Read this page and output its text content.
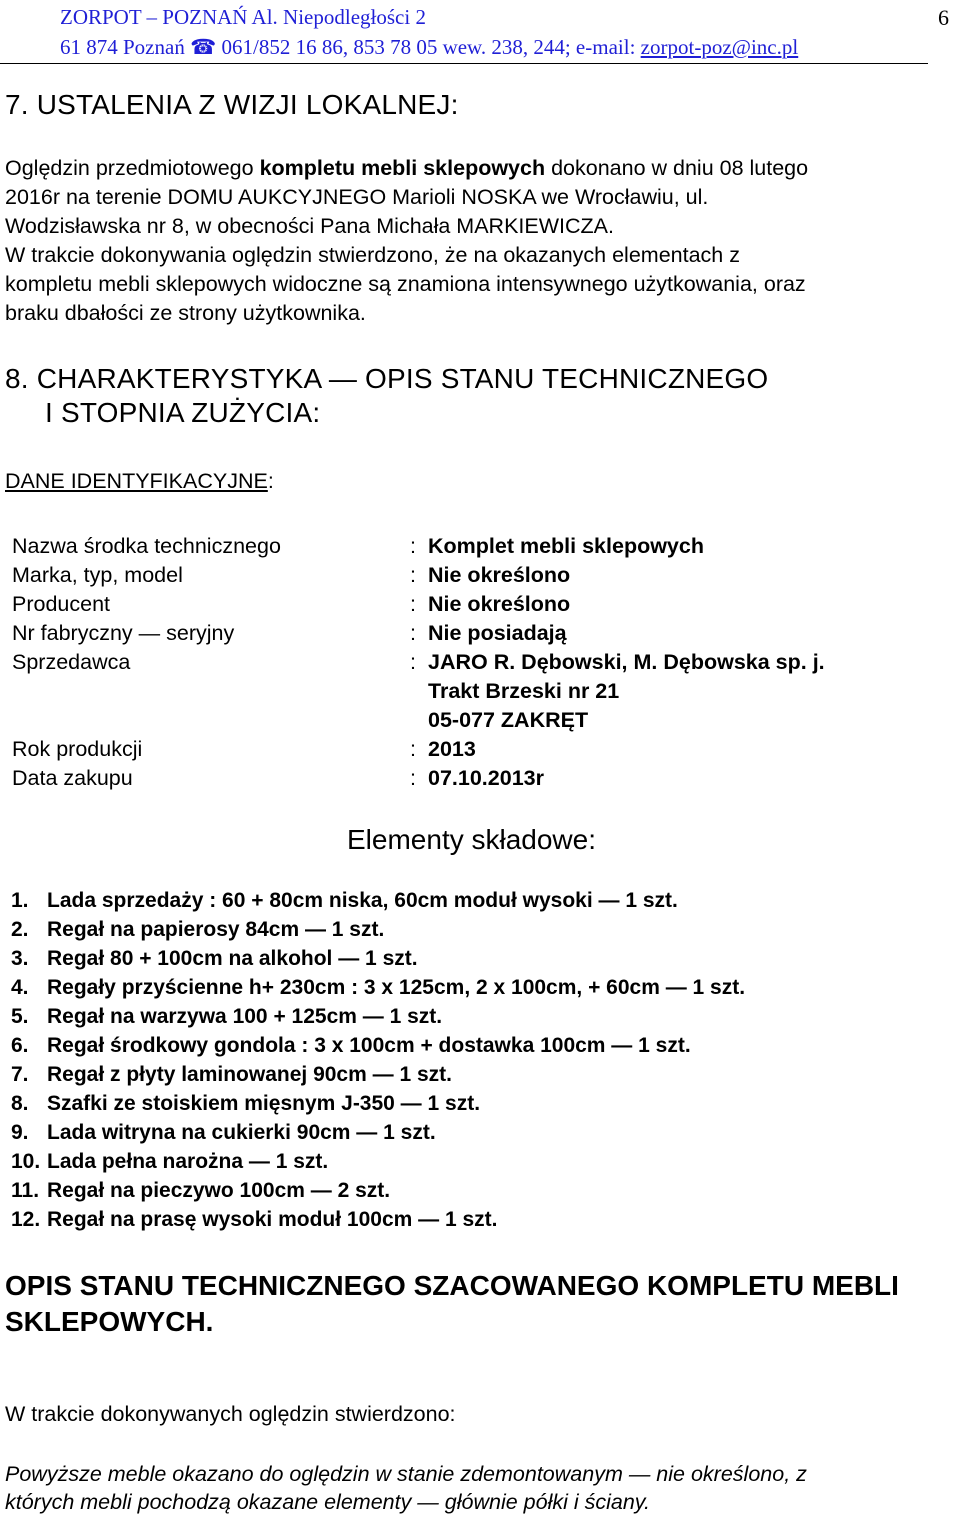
ZORPOT – POZNAŃ Al. Niepodległości 2	6
61 874 Poznań ☎ 061/852 16 86, 853 78 05 wew. 238, 244; e-mail: zorpot-poz@inc.pl
7. USTALENIA Z WIZJI LOKALNEJ:
Oględzin przedmiotowego kompletu mebli sklepowych dokonano w dniu 08 lutego
2016r na terenie DOMU AUKCYJNEGO Marioli NOSKA we Wrocławiu, ul.
Wodzisławska nr 8, w obecności Pana Michała MARKIEWICZA.
W trakcie dokonywania oględzin stwierdzono, że na okazanych elementach z
kompletu mebli sklepowych widoczne są znamiona intensywnego użytkowania, oraz
braku dbałości ze strony użytkownika.
8. CHARAKTERYSTYKA — OPIS STANU TECHNICZNEGO
I STOPNIA ZUŻYCIA:
DANE IDENTYFIKACYJNE:
Nazwa środka technicznego	: Komplet mebli sklepowych
Marka, typ, model	: Nie określono
Producent	: Nie określono
Nr fabryczny — seryjny	: Nie posiadają
Sprzedawca	: JARO R. Dębowski, M. Dębowska sp. j.
Trakt Brzeski nr 21
05-077 ZAKRĘT
Rok produkcji	: 2013
Data zakupu	: 07.10.2013r
Elementy składowe:
1. Lada sprzedaży : 60 + 80cm niska, 60cm moduł wysoki — 1 szt.
2. Regał na papierosy 84cm — 1 szt.
3. Regał 80 + 100cm na alkohol — 1 szt.
4. Regały przyścienne h+ 230cm : 3 x 125cm, 2 x 100cm, + 60cm — 1 szt.
5. Regał na warzywa 100 + 125cm — 1 szt.
6. Regał środkowy gondola : 3 x 100cm + dostawka 100cm — 1 szt.
7. Regał z płyty laminowanej 90cm — 1 szt.
8. Szafki ze stoiskiem mięsnym J-350 — 1 szt.
9. Lada witryna na cukierki 90cm — 1 szt.
10. Lada pełna narożna — 1 szt.
11. Regał na pieczywo 100cm — 2 szt.
12. Regał na prasę wysoki moduł 100cm — 1 szt.
OPIS STANU TECHNICZNEGO SZACOWANEGO KOMPLETU MEBLI
SKLEPOWYCH.
W trakcie dokonywanych oględzin stwierdzono:
Powyższe meble okazano do oględzin w stanie zdemontowanym — nie określono, z
których mebli pochodzą okazane elementy — głównie półki i ściany.
